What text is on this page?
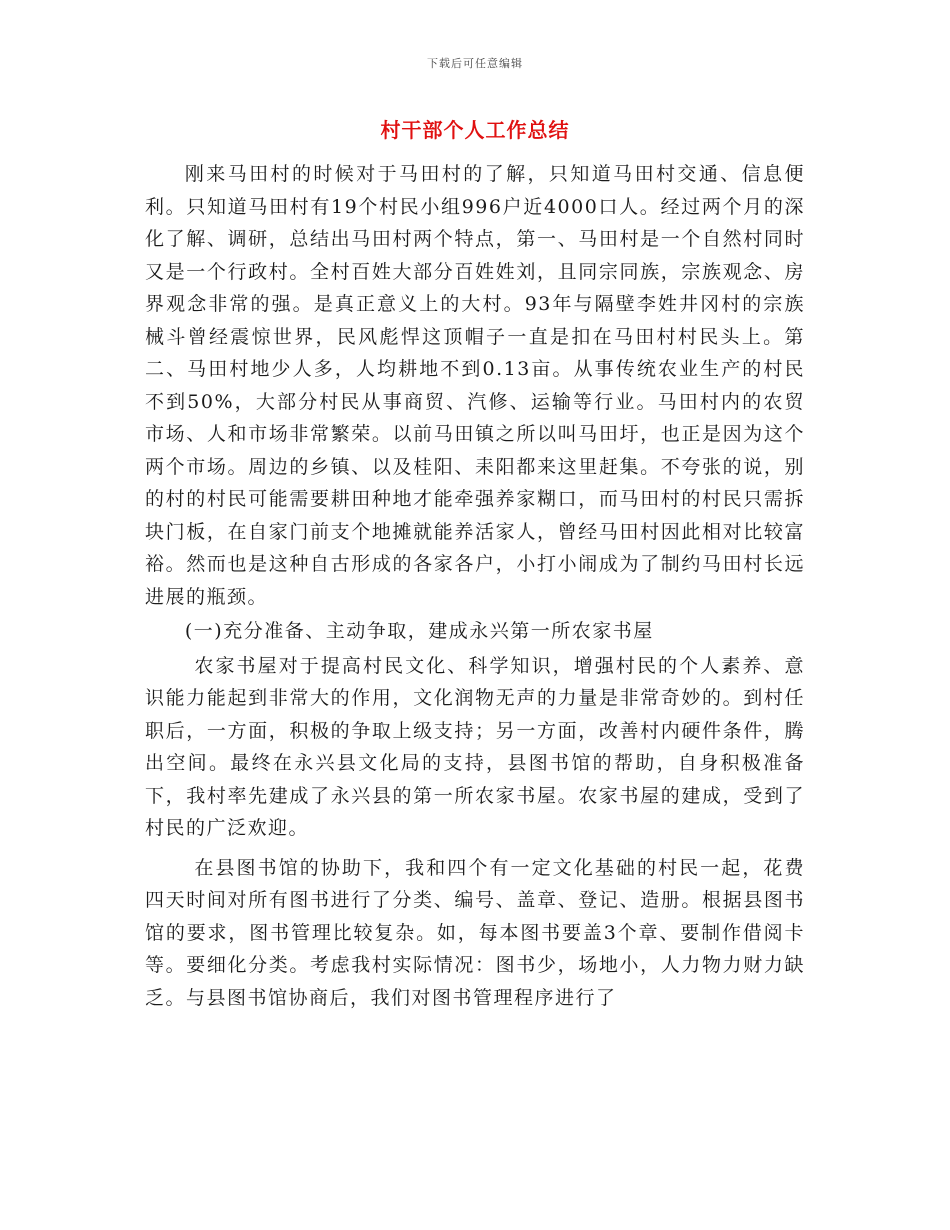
下载后可任意编辑
村干部个人工作总结

刚来马田村的时候对于马田村的了解，只知道马田村交通、信息便利。只知道马田村有19个村民小组996户近4000口人。经过两个月的深化了解、调研，总结出马田村两个特点，第一、马田村是一个自然村同时又是一个行政村。全村百姓大部分百姓姓刘，且同宗同族，宗族观念、房界观念非常的强。是真正意义上的大村。93年与隔壁李姓井冈村的宗族械斗曾经震惊世界，民风彪悍这顶帽子一直是扣在马田村村民头上。第二、马田村地少人多，人均耕地不到0.13亩。从事传统农业生产的村民不到50%，大部分村民从事商贸、汽修、运输等行业。马田村内的农贸市场、人和市场非常繁荣。以前马田镇之所以叫马田圩，也正是因为这个两个市场。周边的乡镇、以及桂阳、耒阳都来这里赶集。不夸张的说，别的村的村民可能需要耕田种地才能牵强养家糊口，而马田村的村民只需拆块门板，在自家门前支个地摊就能养活家人，曾经马田村因此相对比较富裕。然而也是这种自古形成的各家各户，小打小闹成为了制约马田村长远进展的瓶颈。

(一)充分准备、主动争取，建成永兴第一所农家书屋

农家书屋对于提高村民文化、科学知识，增强村民的个人素养、意识能力能起到非常大的作用，文化润物无声的力量是非常奇妙的。到村任职后，一方面，积极的争取上级支持；另一方面，改善村内硬件条件，腾出空间。最终在永兴县文化局的支持，县图书馆的帮助，自身积极准备下，我村率先建成了永兴县的第一所农家书屋。农家书屋的建成，受到了村民的广泛欢迎。

在县图书馆的协助下，我和四个有一定文化基础的村民一起，花费四天时间对所有图书进行了分类、编号、盖章、登记、造册。根据县图书馆的要求，图书管理比较复杂。如，每本图书要盖3个章、要制作借阅卡等。要细化分类。考虑我村实际情况：图书少，场地小，人力物力财力缺乏。与县图书馆协商后，我们对图书管理程序进行了
